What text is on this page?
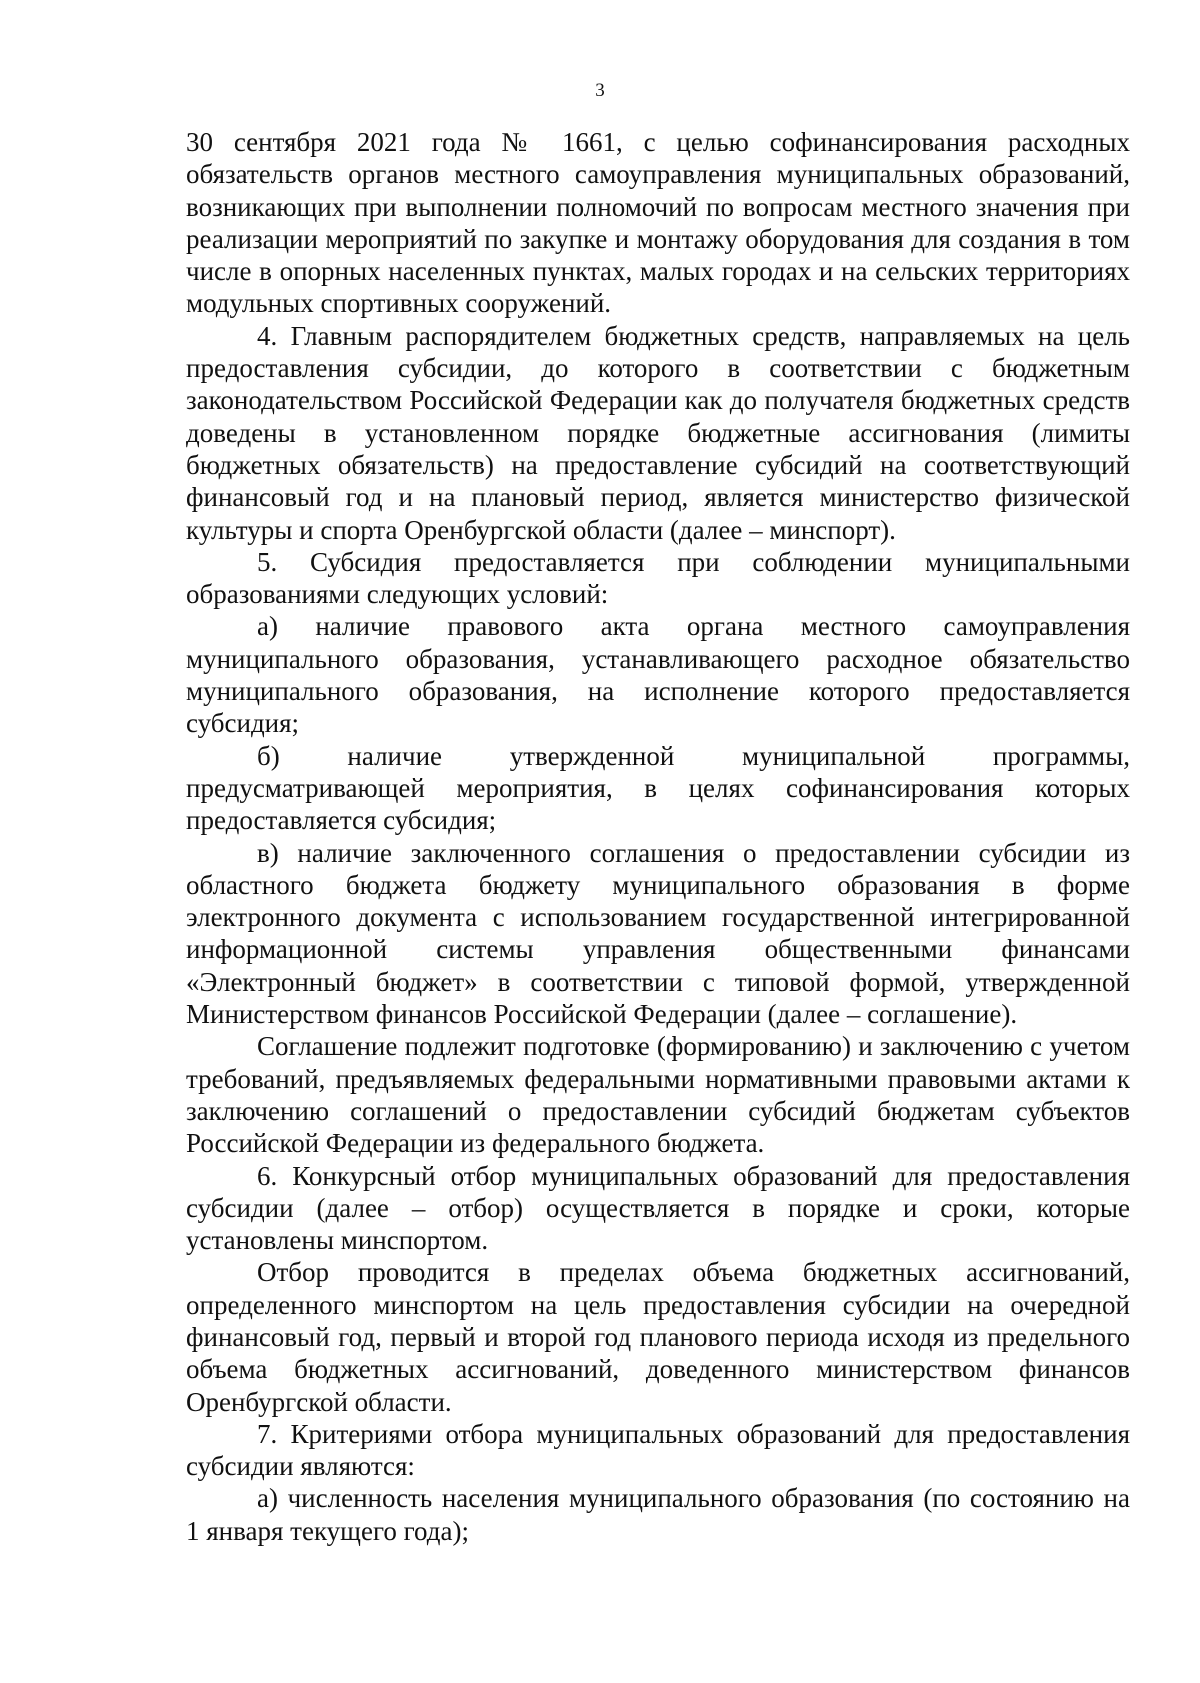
3

30 сентября 2021 года № 1661, с целью софинансирования расходных обязательств органов местного самоуправления муниципальных образований, возникающих при выполнении полномочий по вопросам местного значения при реализации мероприятий по закупке и монтажу оборудования для создания в том числе в опорных населенных пунктах, малых городах и на сельских территориях модульных спортивных сооружений.

4. Главным распорядителем бюджетных средств, направляемых на цель предоставления субсидии, до которого в соответствии с бюджетным законодательством Российской Федерации как до получателя бюджетных средств доведены в установленном порядке бюджетные ассигнования (лимиты бюджетных обязательств) на предоставление субсидий на соответствующий финансовый год и на плановый период, является министерство физической культуры и спорта Оренбургской области (далее – минспорт).

5. Субсидия предоставляется при соблюдении муниципальными образованиями следующих условий:

а) наличие правового акта органа местного самоуправления муниципального образования, устанавливающего расходное обязательство муниципального образования, на исполнение которого предоставляется субсидия;

б) наличие утвержденной муниципальной программы, предусматривающей мероприятия, в целях софинансирования которых предоставляется субсидия;

в) наличие заключенного соглашения о предоставлении субсидии из областного бюджета бюджету муниципального образования в форме электронного документа с использованием государственной интегрированной информационной системы управления общественными финансами «Электронный бюджет» в соответствии с типовой формой, утвержденной Министерством финансов Российской Федерации (далее – соглашение).

Соглашение подлежит подготовке (формированию) и заключению с учетом требований, предъявляемых федеральными нормативными правовыми актами к заключению соглашений о предоставлении субсидий бюджетам субъектов Российской Федерации из федерального бюджета.

6. Конкурсный отбор муниципальных образований для предоставления субсидии (далее – отбор) осуществляется в порядке и сроки, которые установлены минспортом.

Отбор проводится в пределах объема бюджетных ассигнований, определенного минспортом на цель предоставления субсидии на очередной финансовый год, первый и второй год планового периода исходя из предельного объема бюджетных ассигнований, доведенного министерством финансов Оренбургской области.

7. Критериями отбора муниципальных образований для предоставления субсидии являются:

а) численность населения муниципального образования (по состоянию на 1 января текущего года);
